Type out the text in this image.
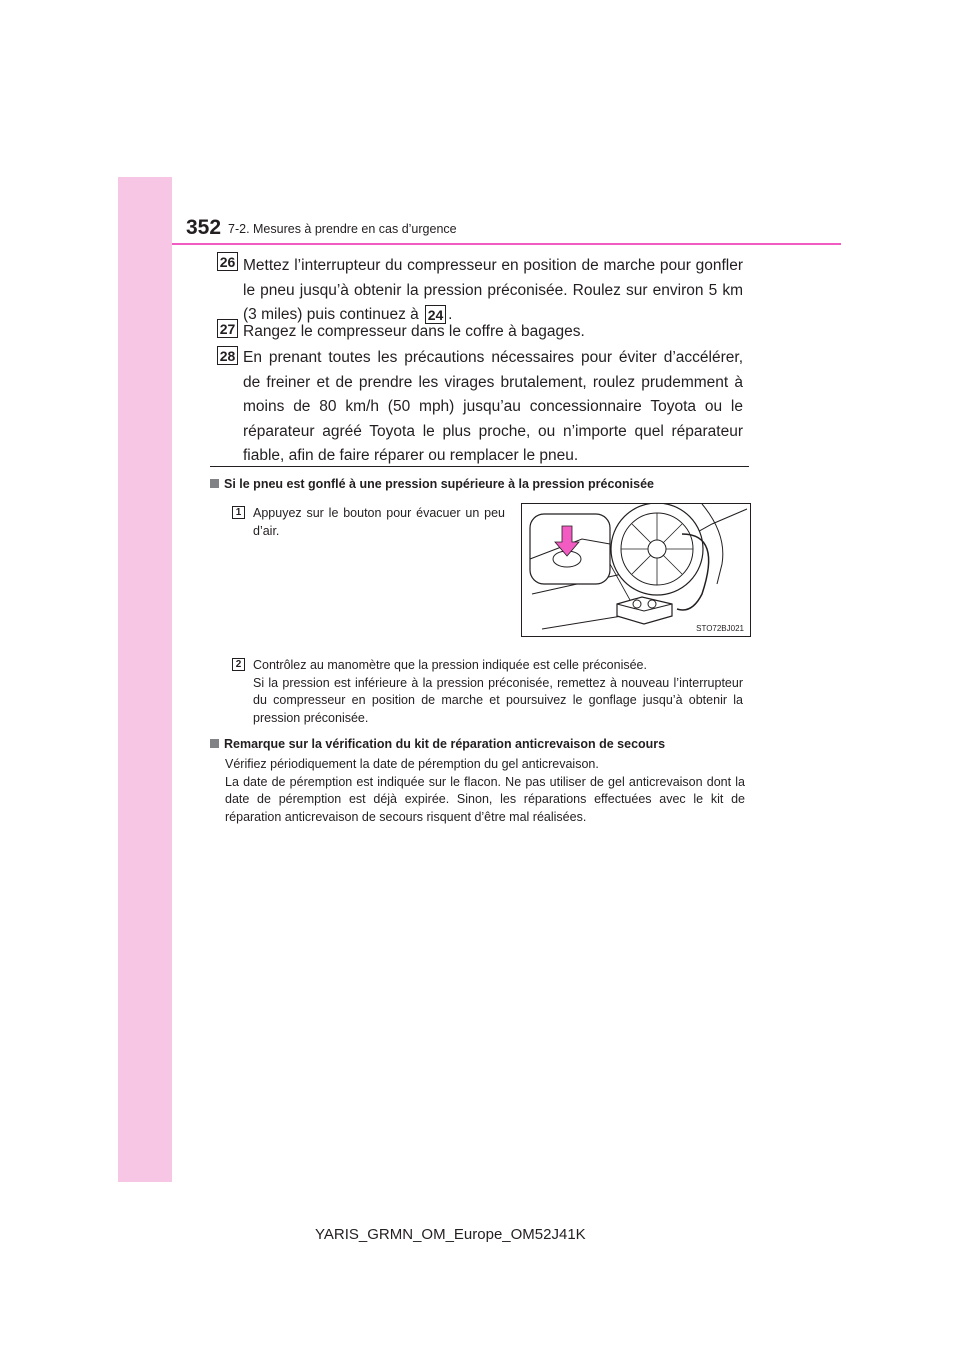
352 7-2. Mesures à prendre en cas d’urgence
26 Mettez l’interrupteur du compresseur en position de marche pour gonfler le pneu jusqu’à obtenir la pression préconisée. Roulez sur environ 5 km (3 miles) puis continuez à 24 .

27 Rangez le compresseur dans le coffre à bagages.

28 En prenant toutes les précautions nécessaires pour éviter d’accélérer, de freiner et de prendre les virages brutalement, roulez prudemment à moins de 80 km/h (50 mph) jusqu’au concessionnaire Toyota ou le réparateur agréé Toyota le plus proche, ou n’importe quel réparateur fiable, afin de faire réparer ou remplacer le pneu.

Si le pneu est gonflé à une pression supérieure à la pression préconisée
1 Appuyez sur le bouton pour évacuer un peu d’air.

STO72BJ021
2 Contrôlez au manomètre que la pression indiquée est celle préconisée.
Si la pression est inférieure à la pression préconisée, remettez à nouveau l’interrupteur du compresseur en position de marche et poursuivez le gonflage jusqu’à obtenir la pression préconisée.

Remarque sur la vérification du kit de réparation anticrevaison de secours

Vérifiez périodiquement la date de péremption du gel anticrevaison.
La date de péremption est indiquée sur le flacon. Ne pas utiliser de gel anticrevaison dont la date de péremption est déjà expirée. Sinon, les réparations effectuées avec le kit de réparation anticrevaison de secours risquent d’être mal réalisées.

YARIS_GRMN_OM_Europe_OM52J41K
